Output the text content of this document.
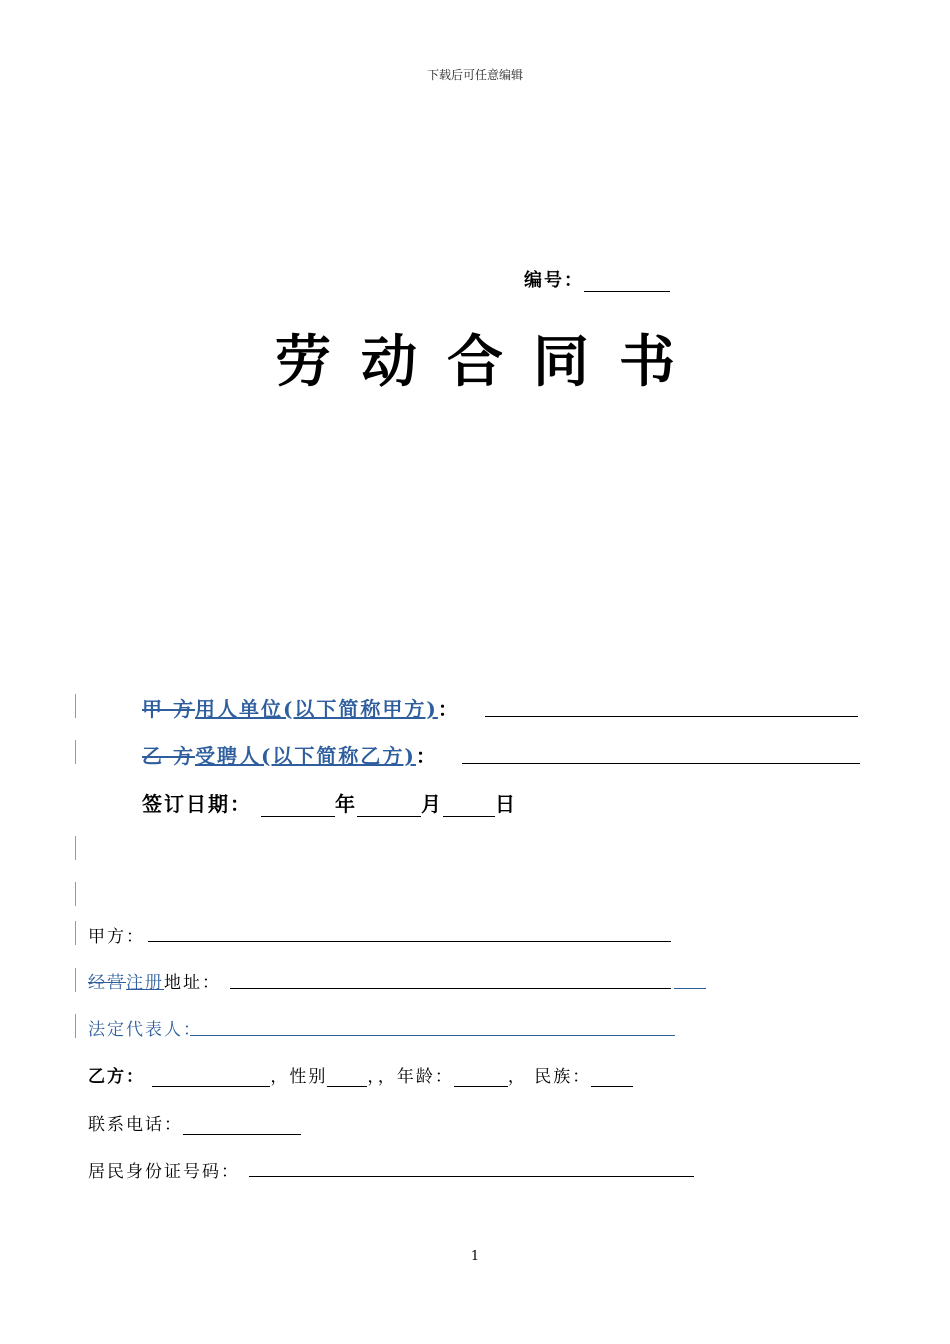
下载后可任意编辑
编号：
劳动合同书
甲 方用人单位(以下简称甲方)：
乙 方受聘人(以下简称乙方)：
签订日期：	年	月	日
甲方：
经营注册地址：
法定代表人：
乙方：	，性别 ，，年龄：	， 民族：
联系电话：
居民身份证号码：
1
